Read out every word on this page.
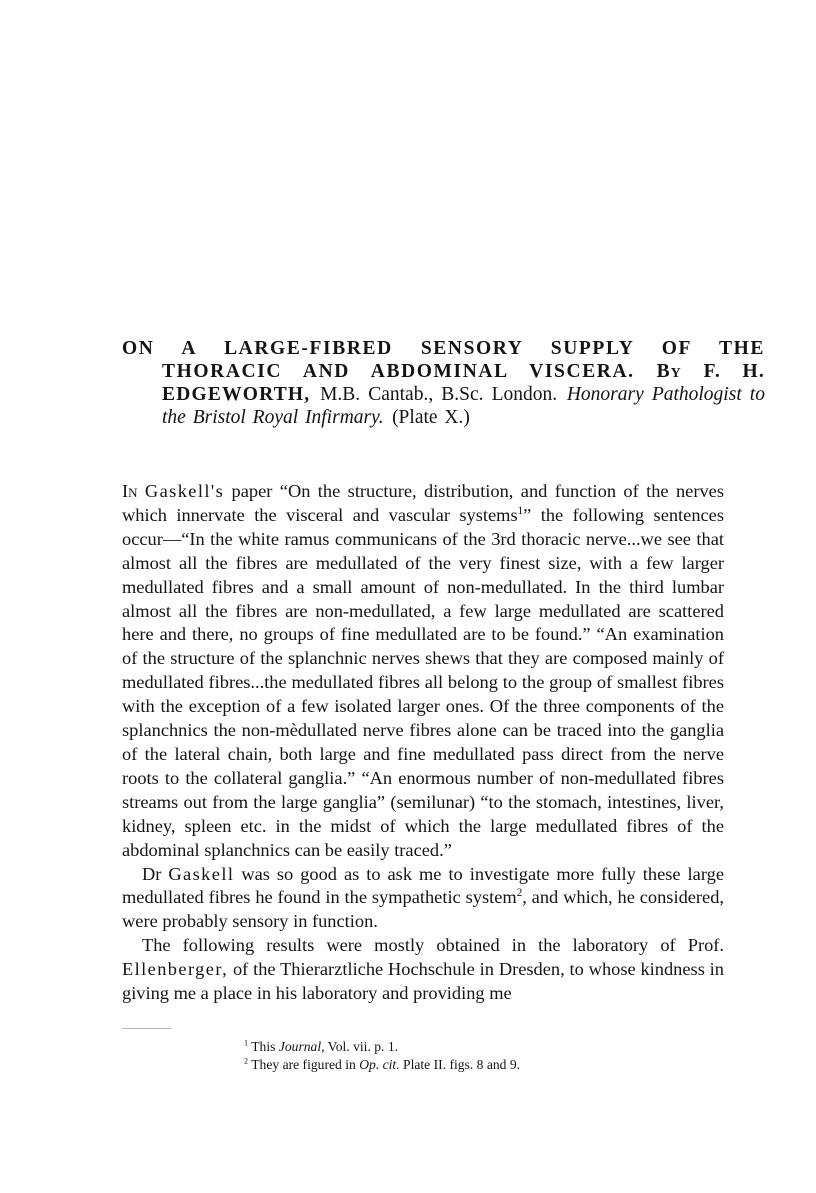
ON A LARGE-FIBRED SENSORY SUPPLY OF THE THORACIC AND ABDOMINAL VISCERA. By F. H. EDGEWORTH, M.B. Cantab., B.Sc. London. Honorary Pathologist to the Bristol Royal Infirmary. (Plate X.)

In Gaskell's paper “On the structure, distribution, and function of the nerves which innervate the visceral and vascular systems$^1$” the following sentences occur—“In the white ramus communicans of the 3rd thoracic nerve...we see that almost all the fibres are medullated of the very finest size, with a few larger medullated fibres and a small amount of non-medullated. In the third lumbar almost all the fibres are non-medullated, a few large medullated are scattered here and there, no groups of fine medullated are to be found.” “An examination of the structure of the splanchnic nerves shews that they are composed mainly of medullated fibres...the medullated fibres all belong to the group of smallest fibres with the exception of a few isolated larger ones. Of the three components of the splanchnics the non-mèdullated nerve fibres alone can be traced into the ganglia of the lateral chain, both large and fine medullated pass direct from the nerve roots to the collateral ganglia.” “An enormous number of non-medullated fibres streams out from the large ganglia” (semilunar) “to the stomach, intestines, liver, kidney, spleen etc. in the midst of which the large medullated fibres of the abdominal splanchnics can be easily traced.”

Dr Gaskell was so good as to ask me to investigate more fully these large medullated fibres he found in the sympathetic system$^2$, and which, he considered, were probably sensory in function.

The following results were mostly obtained in the laboratory of Prof. Ellenberger, of the Thierarztliche Hochschule in Dresden, to whose kindness in giving me a place in his laboratory and providing me

$^1$ This Journal, Vol. vii. p. 1.

$^2$ They are figured in Op. cit. Plate II. figs. 8 and 9.
